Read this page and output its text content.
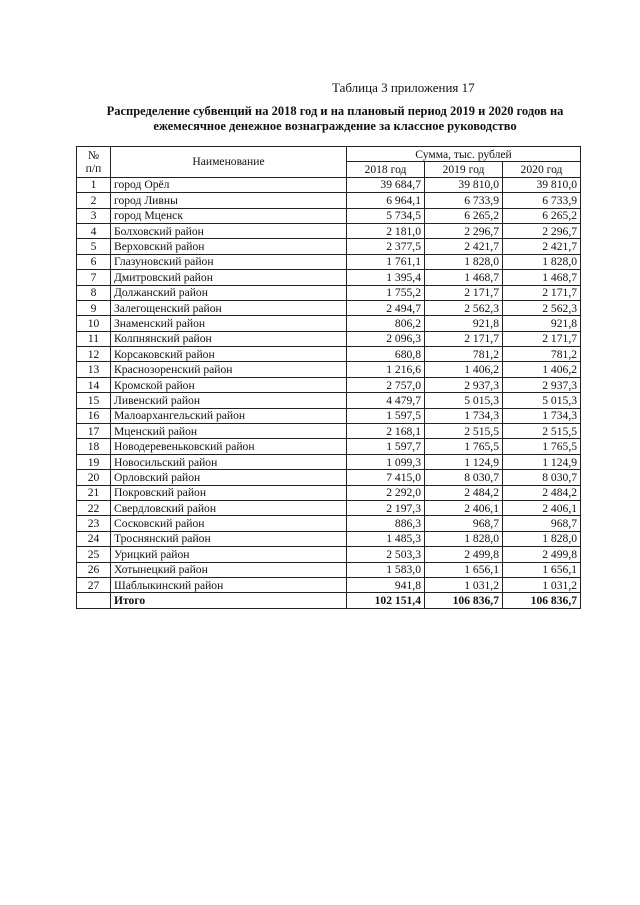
Таблица 3 приложения 17
Распределение субвенций на 2018 год и на плановый период 2019 и 2020 годов на
ежемесячное денежное вознаграждение за классное руководство
№
п/п	Наименование	Сумма, тыс. рублей		
		2018 год	2019 год	2020 год
1	город Орёл	39 684,7	39 810,0	39 810,0
2	город Ливны	6 964,1	6 733,9	6 733,9
3	город Мценск	5 734,5	6 265,2	6 265,2
4	Болховский район	2 181,0	2 296,7	2 296,7
5	Верховский район	2 377,5	2 421,7	2 421,7
6	Глазуновский район	1 761,1	1 828,0	1 828,0
7	Дмитровский район	1 395,4	1 468,7	1 468,7
8	Должанский район	1 755,2	2 171,7	2 171,7
9	Залегощенский район	2 494,7	2 562,3	2 562,3
10	Знаменский район	806,2	921,8	921,8
11	Колпнянский район	2 096,3	2 171,7	2 171,7
12	Корсаковский район	680,8	781,2	781,2
13	Краснозоренский район	1 216,6	1 406,2	1 406,2
14	Кромской район	2 757,0	2 937,3	2 937,3
15	Ливенский район	4 479,7	5 015,3	5 015,3
16	Малоархангельский район	1 597,5	1 734,3	1 734,3
17	Мценский район	2 168,1	2 515,5	2 515,5
18	Новодеревеньковский район	1 597,7	1 765,5	1 765,5
19	Новосильский район	1 099,3	1 124,9	1 124,9
20	Орловский район	7 415,0	8 030,7	8 030,7
21	Покровский район	2 292,0	2 484,2	2 484,2
22	Свердловский район	2 197,3	2 406,1	2 406,1
23	Сосковский район	886,3	968,7	968,7
24	Троснянский район	1 485,3	1 828,0	1 828,0
25	Урицкий район	2 503,3	2 499,8	2 499,8
26	Хотынецкий район	1 583,0	1 656,1	1 656,1
27	Шаблыкинский район	941,8	1 031,2	1 031,2
	Итого	102 151,4	106 836,7	106 836,7
